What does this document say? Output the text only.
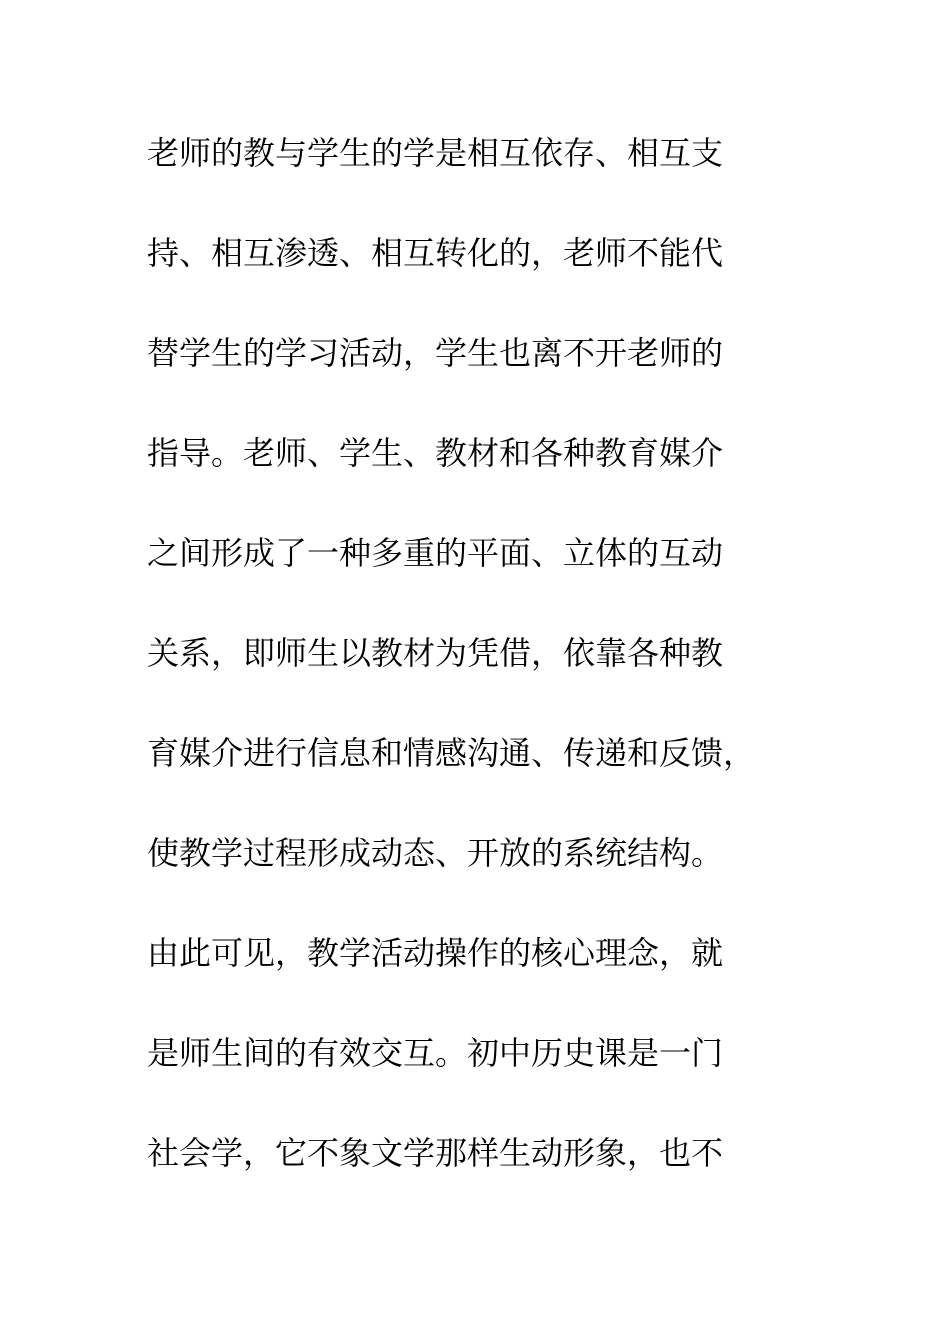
老师的教与学生的学是相互依存、相互支
持、相互渗透、相互转化的，老师不能代
替学生的学习活动，学生也离不开老师的
指导。老师、学生、教材和各种教育媒介
之间形成了一种多重的平面、立体的互动
关系，即师生以教材为凭借，依靠各种教
育媒介进行信息和情感沟通、传递和反馈，
使教学过程形成动态、开放的系统结构。
由此可见，教学活动操作的核心理念，就
是师生间的有效交互。初中历史课是一门
社会学，它不象文学那样生动形象，也不
